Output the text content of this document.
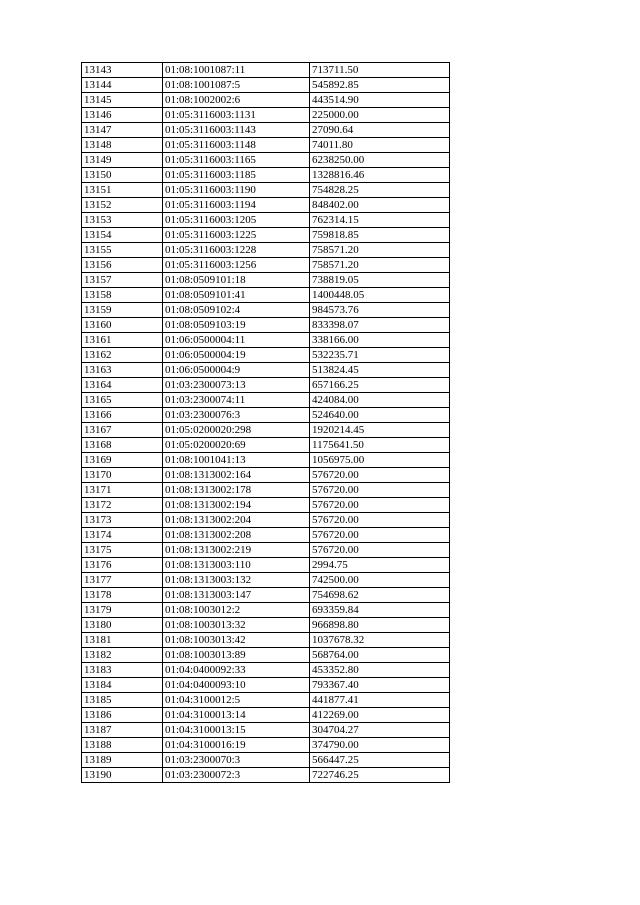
13143	01:08:1001087:11	713711.50
13144	01:08:1001087:5	545892.85
13145	01:08:1002002:6	443514.90
13146	01:05:3116003:1131	225000.00
13147	01:05:3116003:1143	27090.64
13148	01:05:3116003:1148	74011.80
13149	01:05:3116003:1165	6238250.00
13150	01:05:3116003:1185	1328816.46
13151	01:05:3116003:1190	754828.25
13152	01:05:3116003:1194	848402.00
13153	01:05:3116003:1205	762314.15
13154	01:05:3116003:1225	759818.85
13155	01:05:3116003:1228	758571.20
13156	01:05:3116003:1256	758571.20
13157	01:08:0509101:18	738819.05
13158	01:08:0509101:41	1400448.05
13159	01:08:0509102:4	984573.76
13160	01:08:0509103:19	833398.07
13161	01:06:0500004:11	338166.00
13162	01:06:0500004:19	532235.71
13163	01:06:0500004:9	513824.45
13164	01:03:2300073:13	657166.25
13165	01:03:2300074:11	424084.00
13166	01:03:2300076:3	524640.00
13167	01:05:0200020:298	1920214.45
13168	01:05:0200020:69	1175641.50
13169	01:08:1001041:13	1056975.00
13170	01:08:1313002:164	576720.00
13171	01:08:1313002:178	576720.00
13172	01:08:1313002:194	576720.00
13173	01:08:1313002:204	576720.00
13174	01:08:1313002:208	576720.00
13175	01:08:1313002:219	576720.00
13176	01:08:1313003:110	2994.75
13177	01:08:1313003:132	742500.00
13178	01:08:1313003:147	754698.62
13179	01:08:1003012:2	693359.84
13180	01:08:1003013:32	966898.80
13181	01:08:1003013:42	1037678.32
13182	01:08:1003013:89	568764.00
13183	01:04:0400092:33	453352.80
13184	01:04:0400093:10	793367.40
13185	01:04:3100012:5	441877.41
13186	01:04:3100013:14	412269.00
13187	01:04:3100013:15	304704.27
13188	01:04:3100016:19	374790.00
13189	01:03:2300070:3	566447.25
13190	01:03:2300072:3	722746.25
